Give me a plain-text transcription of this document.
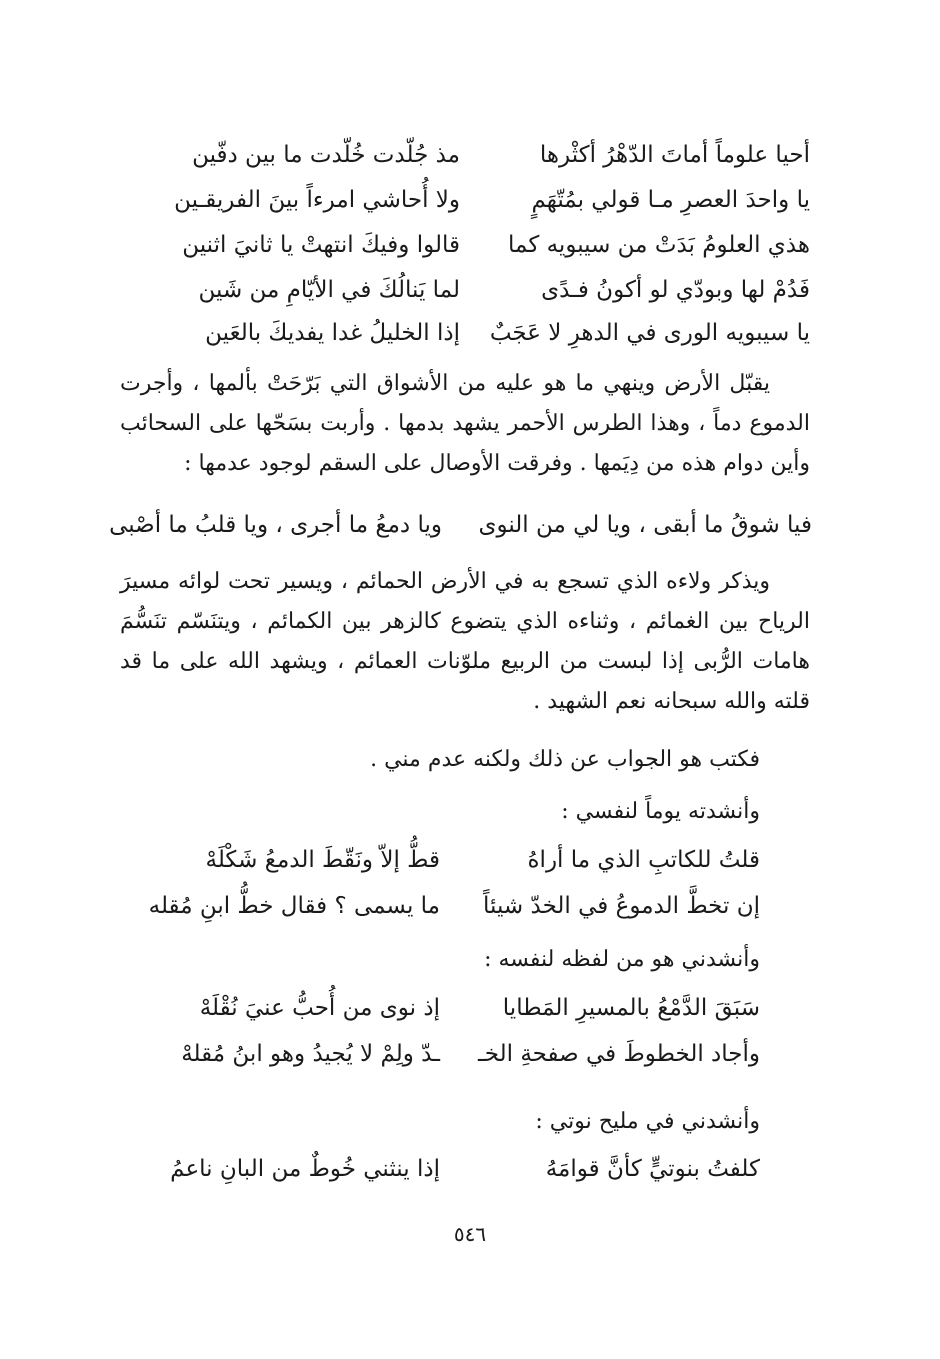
أحيا علوماً أماتَ الدّهْرُ أكثْرها
مذ جُلّدت خُلّدت ما بين دفّين
يا واحدَ العصرِ مـا قولي بمُتّهَمٍ
ولا أُحاشي امرءاً بينَ الفريقـين
هذي العلومُ بَدَتْ من سيبويه كما
قالوا وفيكَ انتهتْ يا ثانيَ اثنين
فَدُمْ لها وبودّي لو أكونُ فـدًى
لما يَنالُكَ في الأيّامِ من شَين
يا سيبويه الورى في الدهرِ لا عَجَبٌ
إذا الخليلُ غدا يفديكَ بالعَين

يقبّل الأرض وينهي ما هو عليه من الأشواق التي بَرّحَتْ بألمها ، وأجرت الدموع دماً ، وهذا الطرس الأحمر يشهد بدمها . وأربت بسَحّها على السحائب وأين دوام هذه من دِيَمها . وفرقت الأوصال على السقم لوجود عدمها :

فيا شوقُ ما أبقى ، ويا لي من النوى
ويا دمعُ ما أجرى ، ويا قلبُ ما أصْبى

ويذكر ولاءه الذي تسجع به في الأرض الحمائم ، ويسير تحت لوائه مسيرَ الرياح بين الغمائم ، وثناءه الذي يتضوع كالزهر بين الكمائم ، ويتنَسّم تنَسُّمَ هامات الرُّبى إذا لبست من الربيع ملوّنات العمائم ، ويشهد الله على ما قد قلته والله سبحانه نعم الشهيد .

فكتب هو الجواب عن ذلك ولكنه عدم مني .
وأنشدته يوماً لنفسي :
قلتُ للكاتبِ الذي ما أراهُ
قطُّ إلاّ ونَقّطَ الدمعُ شَكْلَهْ
إن تخطَّ الدموعُ في الخدّ شيئاً
ما يسمى ؟ فقال خطُّ ابنِ مُقله
وأنشدني هو من لفظه لنفسه :
سَبَقَ الدَّمْعُ بالمسيرِ المَطايا
إذ نوى من أُحبُّ عنيَ نُقْلَهْ
وأجاد الخطوطَ في صفحةِ الخـ
ـدّ ولِمْ لا يُجيدُ وهو ابنُ مُقلهْ
وأنشدني في مليح نوتي :
كلفتُ بنوتيٍّ كأنَّ قوامَهُ
إذا ينثني خُوطٌ من البانِ ناعمُ
٥٤٦
